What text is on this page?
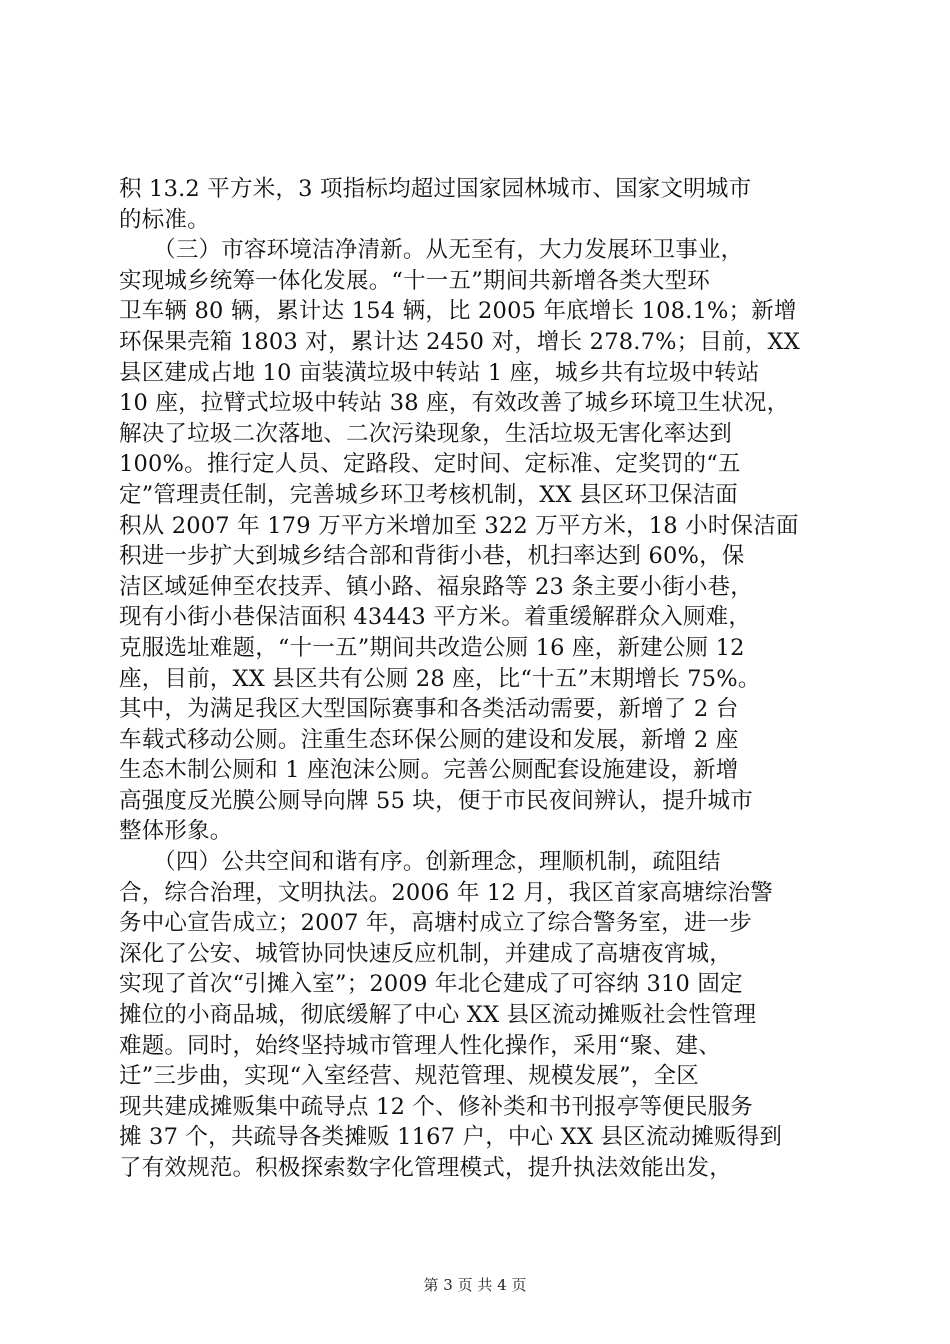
积 13.2 平方米，3 项指标均超过国家园林城市、国家文明城市
的标准。
　　（三）市容环境洁净清新。从无至有，大力发展环卫事业，
实现城乡统筹一体化发展。“十一五”期间共新增各类大型环
卫车辆 80 辆，累计达 154 辆，比 2005 年底增长 108.1%；新增
环保果壳箱 1803 对，累计达 2450 对，增长 278.7%；目前，XX
县区建成占地 10 亩装潢垃圾中转站 1 座，城乡共有垃圾中转站
10 座，拉臂式垃圾中转站 38 座，有效改善了城乡环境卫生状况，
解决了垃圾二次落地、二次污染现象，生活垃圾无害化率达到
100%。推行定人员、定路段、定时间、定标准、定奖罚的“五
定”管理责任制，完善城乡环卫考核机制，XX 县区环卫保洁面
积从 2007 年 179 万平方米增加至 322 万平方米，18 小时保洁面
积进一步扩大到城乡结合部和背街小巷，机扫率达到 60%，保
洁区域延伸至农技弄、镇小路、福泉路等 23 条主要小街小巷，
现有小街小巷保洁面积 43443 平方米。着重缓解群众入厕难，
克服选址难题，“十一五”期间共改造公厕 16 座，新建公厕 12
座，目前，XX 县区共有公厕 28 座，比“十五”末期增长 75%。
其中，为满足我区大型国际赛事和各类活动需要，新增了 2 台
车载式移动公厕。注重生态环保公厕的建设和发展，新增 2 座
生态木制公厕和 1 座泡沫公厕。完善公厕配套设施建设，新增
高强度反光膜公厕导向牌 55 块，便于市民夜间辨认，提升城市
整体形象。
　　（四）公共空间和谐有序。创新理念，理顺机制，疏阻结
合，综合治理，文明执法。2006 年 12 月，我区首家高塘综治警
务中心宣告成立；2007 年，高塘村成立了综合警务室，进一步
深化了公安、城管协同快速反应机制，并建成了高塘夜宵城，
实现了首次“引摊入室”；2009 年北仑建成了可容纳 310 固定
摊位的小商品城，彻底缓解了中心 XX 县区流动摊贩社会性管理
难题。同时，始终坚持城市管理人性化操作，采用“聚、建、
迁”三步曲，实现“入室经营、规范管理、规模发展”，全区
现共建成摊贩集中疏导点 12 个、修补类和书刊报亭等便民服务
摊 37 个，共疏导各类摊贩 1167 户，中心 XX 县区流动摊贩得到
了有效规范。积极探索数字化管理模式，提升执法效能出发，
第 3 页 共 4 页
